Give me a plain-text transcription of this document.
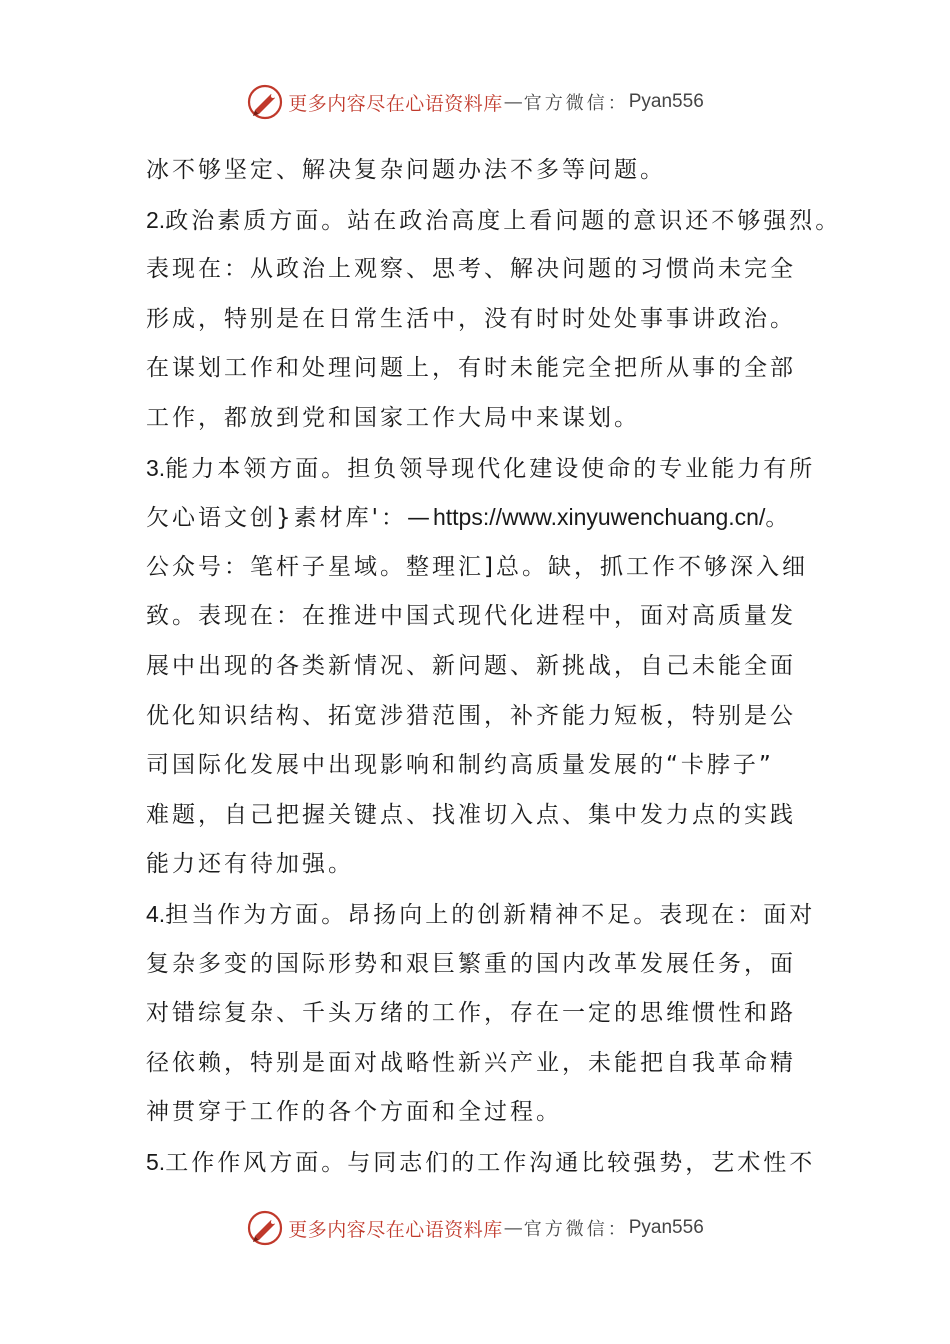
更多内容尽在心语资料库 — 官方微信： Pyan556
冰不够坚定、解决复杂问题办法不多等问题。
2.政治素质方面。站在政治高度上看问题的意识还不够强烈。
表现在：从政治上观察、思考、解决问题的习惯尚未完全
形成，特别是在日常生活中，没有时时处处事事讲政治。
在谋划工作和处理问题上，有时未能完全把所从事的全部
工作，都放到党和国家工作大局中来谋划。
3.能力本领方面。担负领导现代化建设使命的专业能力有所
欠心语文创}素材库'：—https://www.xinyuwenchuang.cn/。
公众号：笔杆子星域。整理汇]总。缺，抓工作不够深入细
致。表现在：在推进中国式现代化进程中，面对高质量发
展中出现的各类新情况、新问题、新挑战，自己未能全面
优化知识结构、拓宽涉猎范围，补齐能力短板，特别是公
司国际化发展中出现影响和制约高质量发展的“卡脖子”
难题，自己把握关键点、找准切入点、集中发力点的实践
能力还有待加强。
4.担当作为方面。昂扬向上的创新精神不足。表现在：面对
复杂多变的国际形势和艰巨繁重的国内改革发展任务，面
对错综复杂、千头万绪的工作，存在一定的思维惯性和路
径依赖，特别是面对战略性新兴产业，未能把自我革命精
神贯穿于工作的各个方面和全过程。
5.工作作风方面。与同志们的工作沟通比较强势，艺术性不
更多内容尽在心语资料库 — 官方微信： Pyan556
